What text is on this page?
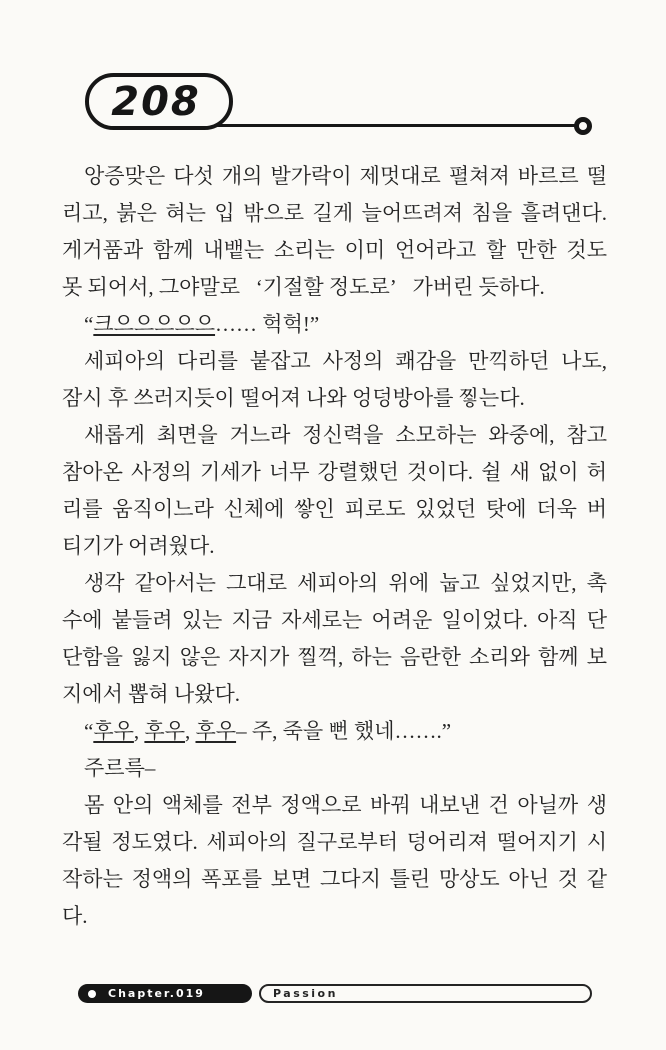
208
앙증맞은 다섯 개의 발가락이 제멋대로 펼쳐져 바르르 떨
리고, 붉은 혀는 입 밖으로 길게 늘어뜨려져 침을 흘려댄다.
게거품과 함께 내뱉는 소리는 이미 언어라고 할 만한 것도
못 되어서, 그야말로  ‘기절할 정도로’  가버린 듯하다.
“크으으으으으…… 헉헉!”
세피아의 다리를 붙잡고 사정의 쾌감을 만끽하던 나도,
잠시 후 쓰러지듯이 떨어져 나와 엉덩방아를 찧는다.
새롭게 최면을 거느라 정신력을 소모하는 와중에, 참고
참아온 사정의 기세가 너무 강렬했던 것이다. 쉴 새 없이 허
리를 움직이느라 신체에 쌓인 피로도 있었던 탓에 더욱 버
티기가 어려웠다.
생각 같아서는 그대로 세피아의 위에 눕고 싶었지만, 촉
수에 붙들려 있는 지금 자세로는 어려운 일이었다. 아직 단
단함을 잃지 않은 자지가 찔꺽, 하는 음란한 소리와 함께 보
지에서 뽑혀 나왔다.
“후우, 후우, 후우– 주, 죽을 뻔 했네…….”
주르륵–
몸 안의 액체를 전부 정액으로 바꿔 내보낸 건 아닐까 생
각될 정도였다. 세피아의 질구로부터 덩어리져 떨어지기 시
작하는 정액의 폭포를 보면 그다지 틀린 망상도 아닌 것 같
다.
Chapter.019	Passion
